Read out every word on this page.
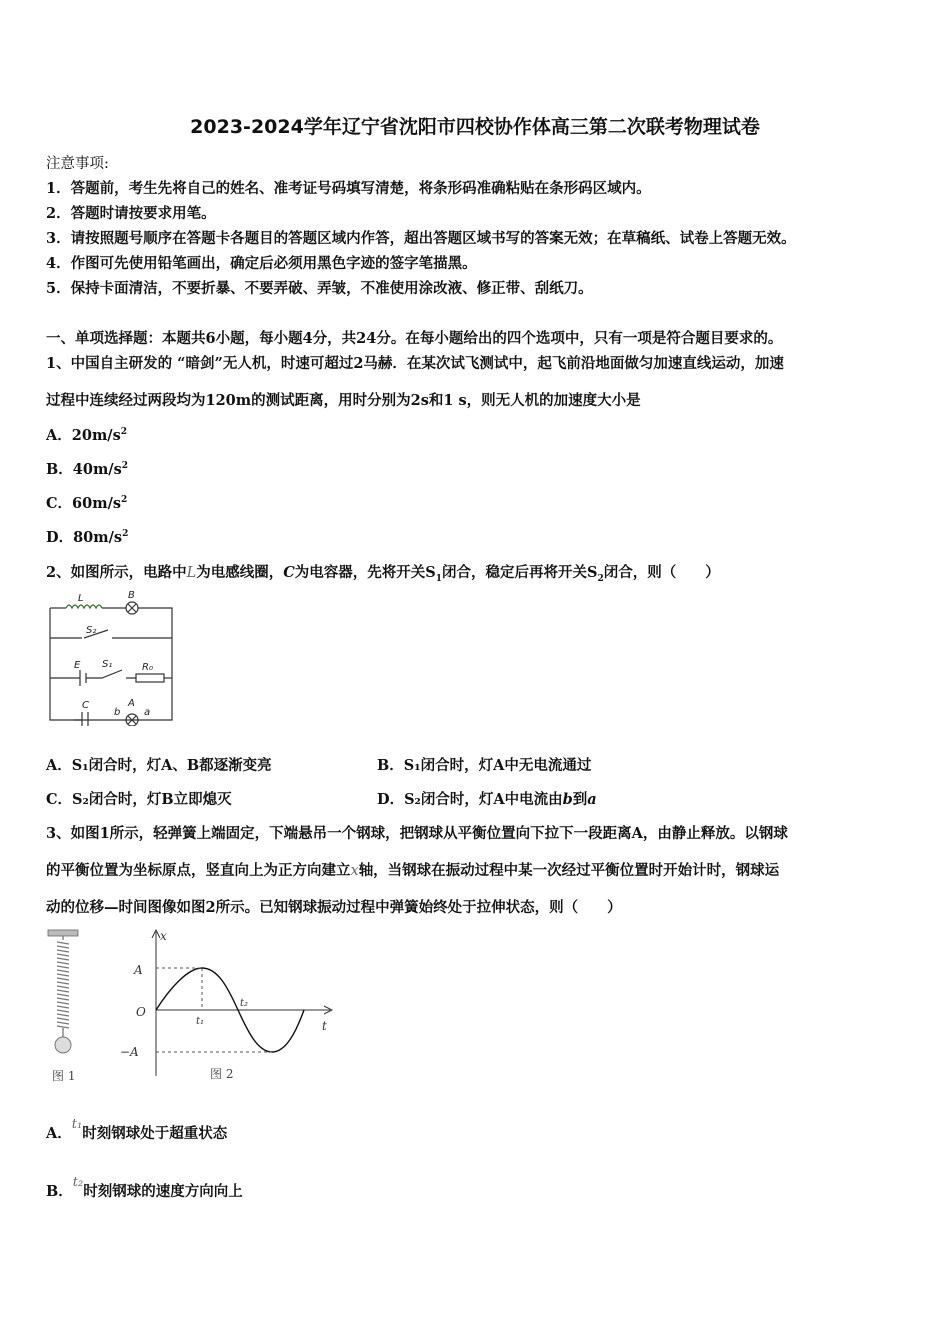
2023-2024学年辽宁省沈阳市四校协作体高三第二次联考物理试卷
注意事项:
1．答题前，考生先将自己的姓名、准考证号码填写清楚，将条形码准确粘贴在条形码区域内。
2．答题时请按要求用笔。
3．请按照题号顺序在答题卡各题目的答题区域内作答，超出答题区域书写的答案无效；在草稿纸、试卷上答题无效。
4．作图可先使用铅笔画出，确定后必须用黑色字迹的签字笔描黑。
5．保持卡面清洁，不要折暴、不要弄破、弄皱，不准使用涂改液、修正带、刮纸刀。
一、单项选择题：本题共6小题，每小题4分，共24分。在每小题给出的四个选项中，只有一项是符合题目要求的。
1、中国自主研发的 “暗剑”无人机，时速可超过2马赫．在某次试飞测试中，起飞前沿地面做匀加速直线运动，加速
过程中连续经过两段均为120m的测试距离，用时分别为2s和1 s，则无人机的加速度大小是
A．$20m/s^2$
B．$40m/s^2$
C．$60m/s^2$
D．$80m/s^2$
2、如图所示，电路中L为电感线圈，C为电容器，先将开关$S_1$闭合，稳定后再将开关$S_2$闭合，则（　　）
L	B
S₂
E S₁	R₀
C
b
A
a
A．S₁闭合时，灯A、B都逐渐变亮	B．S₁闭合时，灯A中无电流通过
C．S₂闭合时，灯B立即熄灭	D．S₂闭合时，灯A中电流由b到a
3、如图1所示，轻弹簧上端固定，下端悬吊一个钢球，把钢球从平衡位置向下拉下一段距离A，由静止释放。以钢球
的平衡位置为坐标原点，竖直向上为正方向建立x轴，当钢球在振动过程中某一次经过平衡位置时开始计时，钢球运
动的位移—时间图像如图2所示。已知钢球振动过程中弹簧始终处于拉伸状态，则（　　）
图 1
x
A
O
−A
t
t₁
t₂
图 2
A．t₁时刻钢球处于超重状态
B．t₂时刻钢球的速度方向向上
